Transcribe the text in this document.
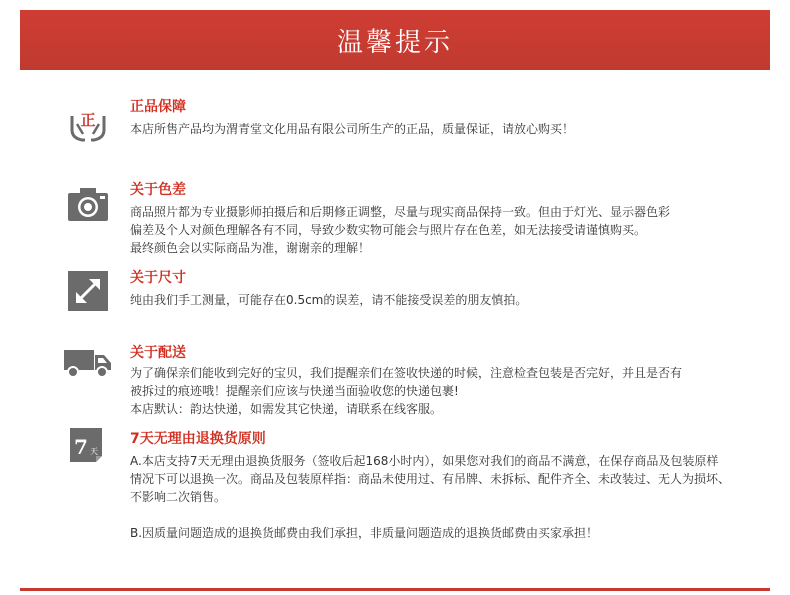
温馨提示
正
正品保障
本店所售产品均为渭青堂文化用品有限公司所生产的正品，质量保证，请放心购买！
关于色差
商品照片都为专业摄影师拍摄后和后期修正调整，尽量与现实商品保持一致。但由于灯光、显示器色彩
偏差及个人对颜色理解各有不同，导致少数实物可能会与照片存在色差，如无法接受请谨慎购买。
最终颜色会以实际商品为准，谢谢亲的理解！
关于尺寸
纯由我们手工测量，可能存在0.5cm的误差，请不能接受误差的朋友慎拍。
关于配送
为了确保亲们能收到完好的宝贝，我们提醒亲们在签收快递的时候，注意检查包装是否完好，并且是否有
被拆过的痕迹哦！提醒亲们应该与快递当面验收您的快递包裹!
本店默认：韵达快递，如需发其它快递，请联系在线客服。
7 天
7天无理由退换货原则
A.本店支持7天无理由退换货服务（签收后起168小时内），如果您对我们的商品不满意，在保存商品及包装原样
情况下可以退换一次。商品及包装原样指：商品未使用过、有吊牌、未拆标、配件齐全、未改装过、无人为损坏、
不影响二次销售。
B.因质量问题造成的退换货邮费由我们承担，非质量问题造成的退换货邮费由买家承担！
